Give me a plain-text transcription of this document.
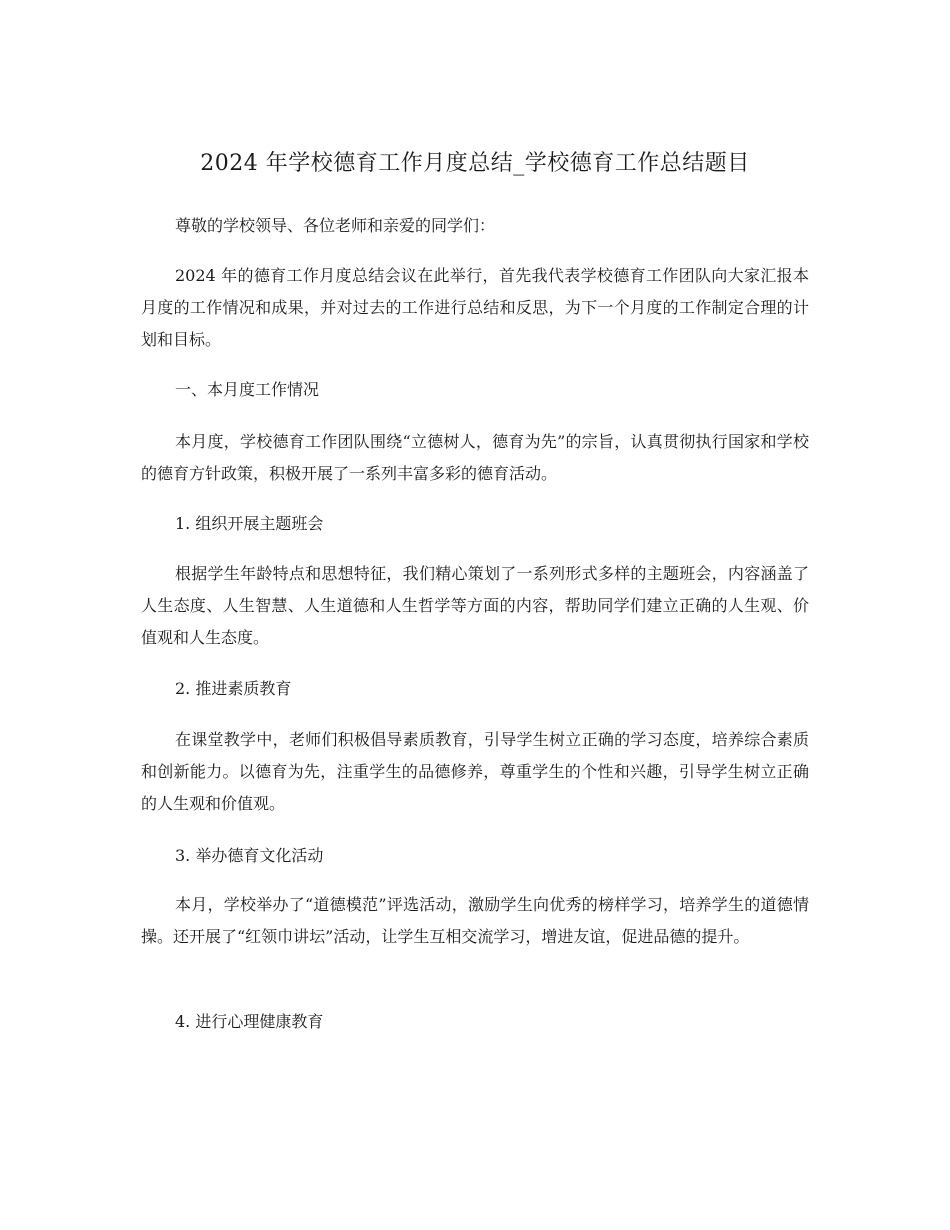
2024 年学校德育工作月度总结_学校德育工作总结题目

尊敬的学校领导、各位老师和亲爱的同学们：

2024 年的德育工作月度总结会议在此举行，首先我代表学校德育工作团队向大家汇报本月度的工作情况和成果，并对过去的工作进行总结和反思，为下一个月度的工作制定合理的计划和目标。

一、本月度工作情况

本月度，学校德育工作团队围绕“立德树人，德育为先”的宗旨，认真贯彻执行国家和学校的德育方针政策，积极开展了一系列丰富多彩的德育活动。

1. 组织开展主题班会

根据学生年龄特点和思想特征，我们精心策划了一系列形式多样的主题班会，内容涵盖了人生态度、人生智慧、人生道德和人生哲学等方面的内容，帮助同学们建立正确的人生观、价值观和人生态度。

2. 推进素质教育

在课堂教学中，老师们积极倡导素质教育，引导学生树立正确的学习态度，培养综合素质和创新能力。以德育为先，注重学生的品德修养，尊重学生的个性和兴趣，引导学生树立正确的人生观和价值观。

3. 举办德育文化活动

本月，学校举办了“道德模范”评选活动，激励学生向优秀的榜样学习，培养学生的道德情操。还开展了“红领巾讲坛”活动，让学生互相交流学习，增进友谊，促进品德的提升。

4. 进行心理健康教育
